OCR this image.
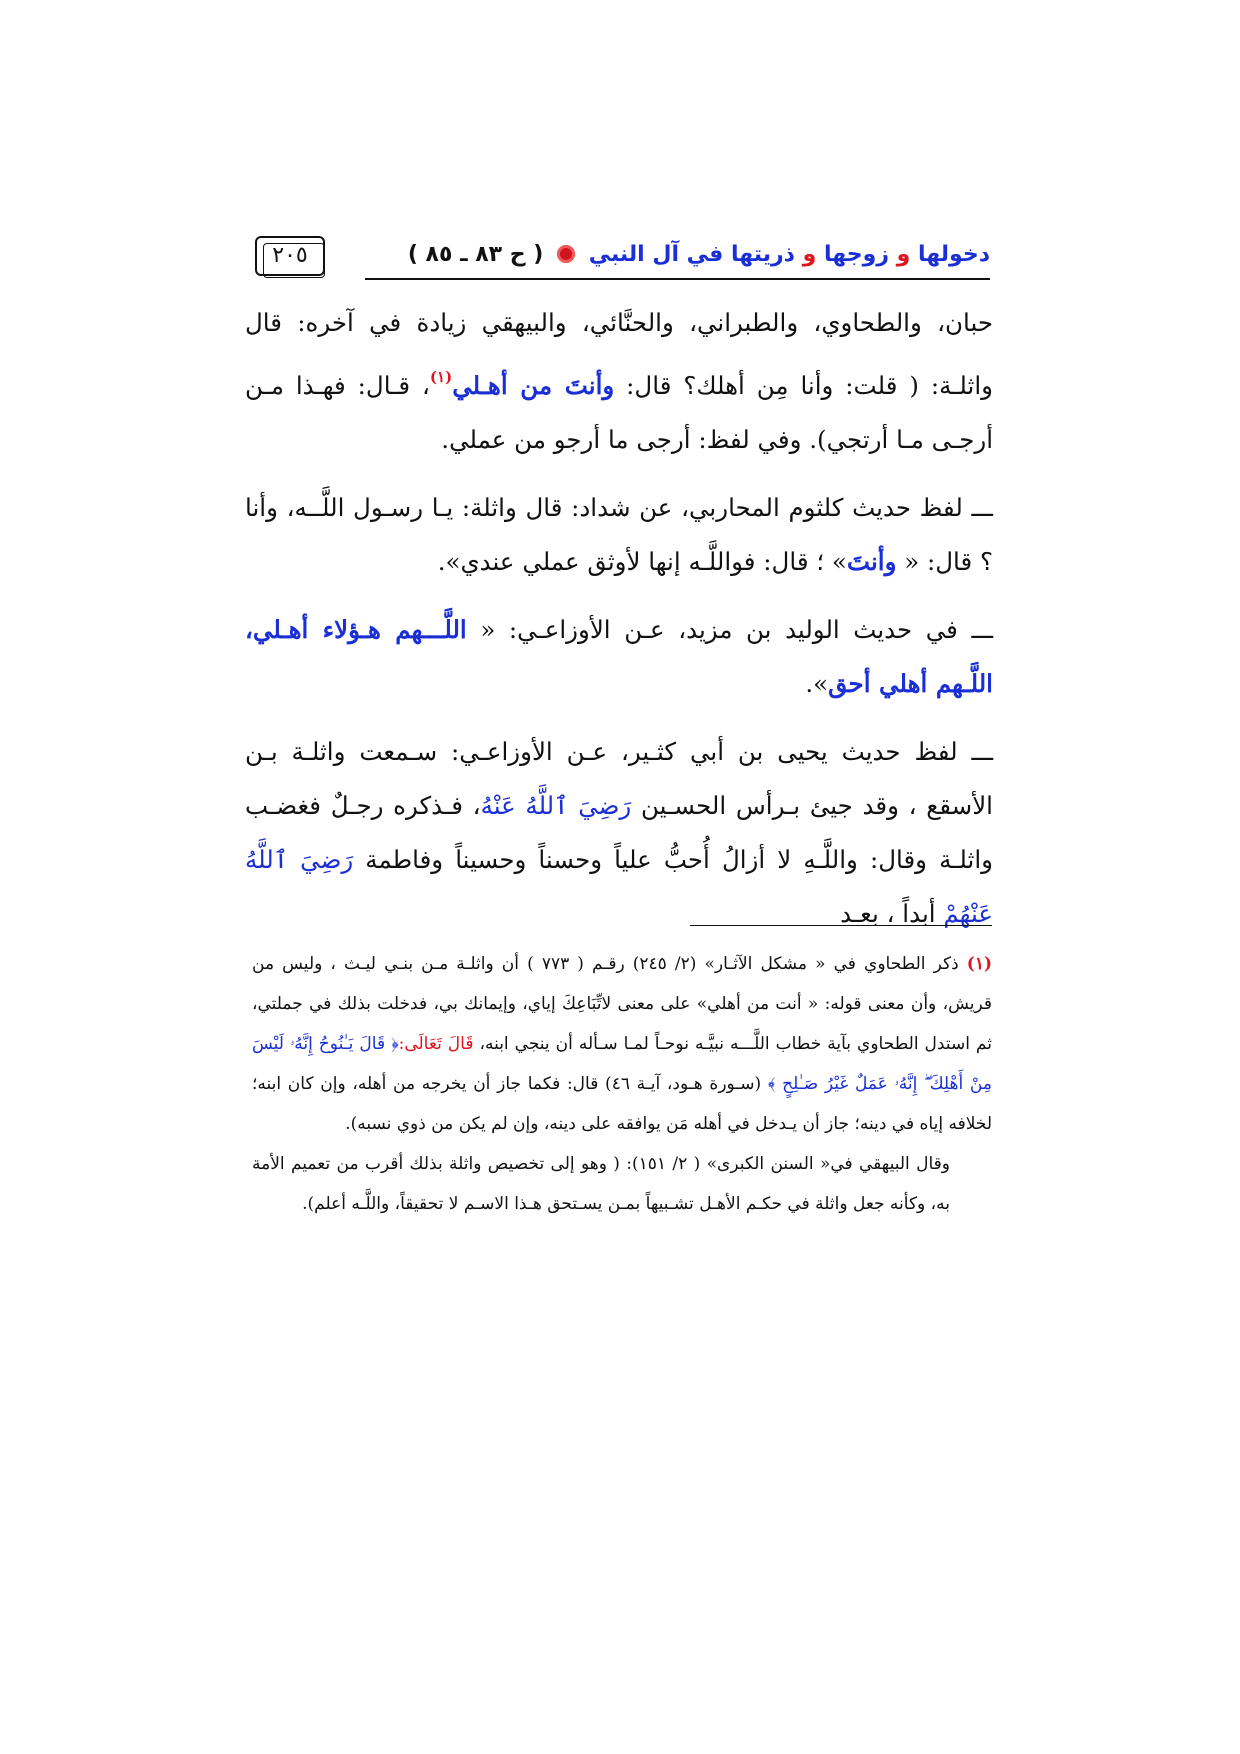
دخولها و زوجها و ذريتها في آل النبي  ( ح ٨٣ ـ ٨٥ )
٢٠٥

حبان، والطحاوي، والطبراني، والحنَّائي، والبيهقي زيادة في آخره: قال واثلـة: ( قلت: وأنا مِن أهلك؟ قال: وأنتَ من أهـلي$^{(١)}$، قـال: فهـذا مـن أرجـى مـا أرتجي). وفي لفظ: أرجى ما أرجو من عملي.

ـــ لفظ حديث كلثوم المحاربي، عن شداد: قال واثلة: يـا رسـول اللَّــه، وأنا ؟ قال: « وأنتَ» ؛ قال: فواللَّـه إنها لأوثق عملي عندي».

ـــ في حديث الوليد بن مزيد، عـن الأوزاعـي: « اللَّـــهم هـؤلاء أهـلي، اللَّـهم أهلي أحق».

ـــ لفظ حديث يحيى بن أبي كثـير، عـن الأوزاعـي: سـمعت واثلـة بـن الأسقع ، وقد جيئ بـرأس الحسـين رَضِيَ ٱللَّهُ عَنْهُ، فـذكره رجـلٌ فغضـب واثلـة وقال: واللَّـهِ لا أزالُ أُحبُّ علياً وحسناً وحسيناً وفاطمة رَضِيَ ٱللَّهُ عَنْهُمْ أبداً ، بعـد

(١) ذكر الطحاوي في « مشكل الآثـار» (٢/ ٢٤٥) رقـم ( ٧٧٣ ) أن واثلـة مـن بنـي ليـث ، وليس من قريش، وأن معنى قوله: « أنت من أهلي» على معنى لاتِّبَاعِكَ إياي، وإيمانك بي، فدخلت بذلك في جملتي، ثم استدل الطحاوي بآية خطاب اللَّـــه نبيَّـه نوحـاً لمـا سـأله أن ينجي ابنه، قَالَ تَعَالَى:﴿ قَالَ يَـٰنُوحُ إِنَّهُۥ لَيْسَ مِنْ أَهْلِكَ ۖ إِنَّهُۥ عَمَلٌ غَيْرُ صَـٰلِحٍ ﴾ (سـورة هـود، آيـة ٤٦) قال: فكما جاز أن يخرجه من أهله، وإن كان ابنه؛ لخلافه إياه في دينه؛ جاز أن يـدخل في أهله مَن يوافقه على دينه، وإن لم يكن من ذوي نسبه).

وقال البيهقي في« السنن الكبرى» ( ٢/ ١٥١): ( وهو إلى تخصيص واثلة بذلك أقرب من تعميم الأمة به، وكأنه جعل واثلة في حكـم الأهـل تشـبيهاً بمـن يسـتحق هـذا الاسـم لا تحقيقاً، واللَّـه أعلم).
